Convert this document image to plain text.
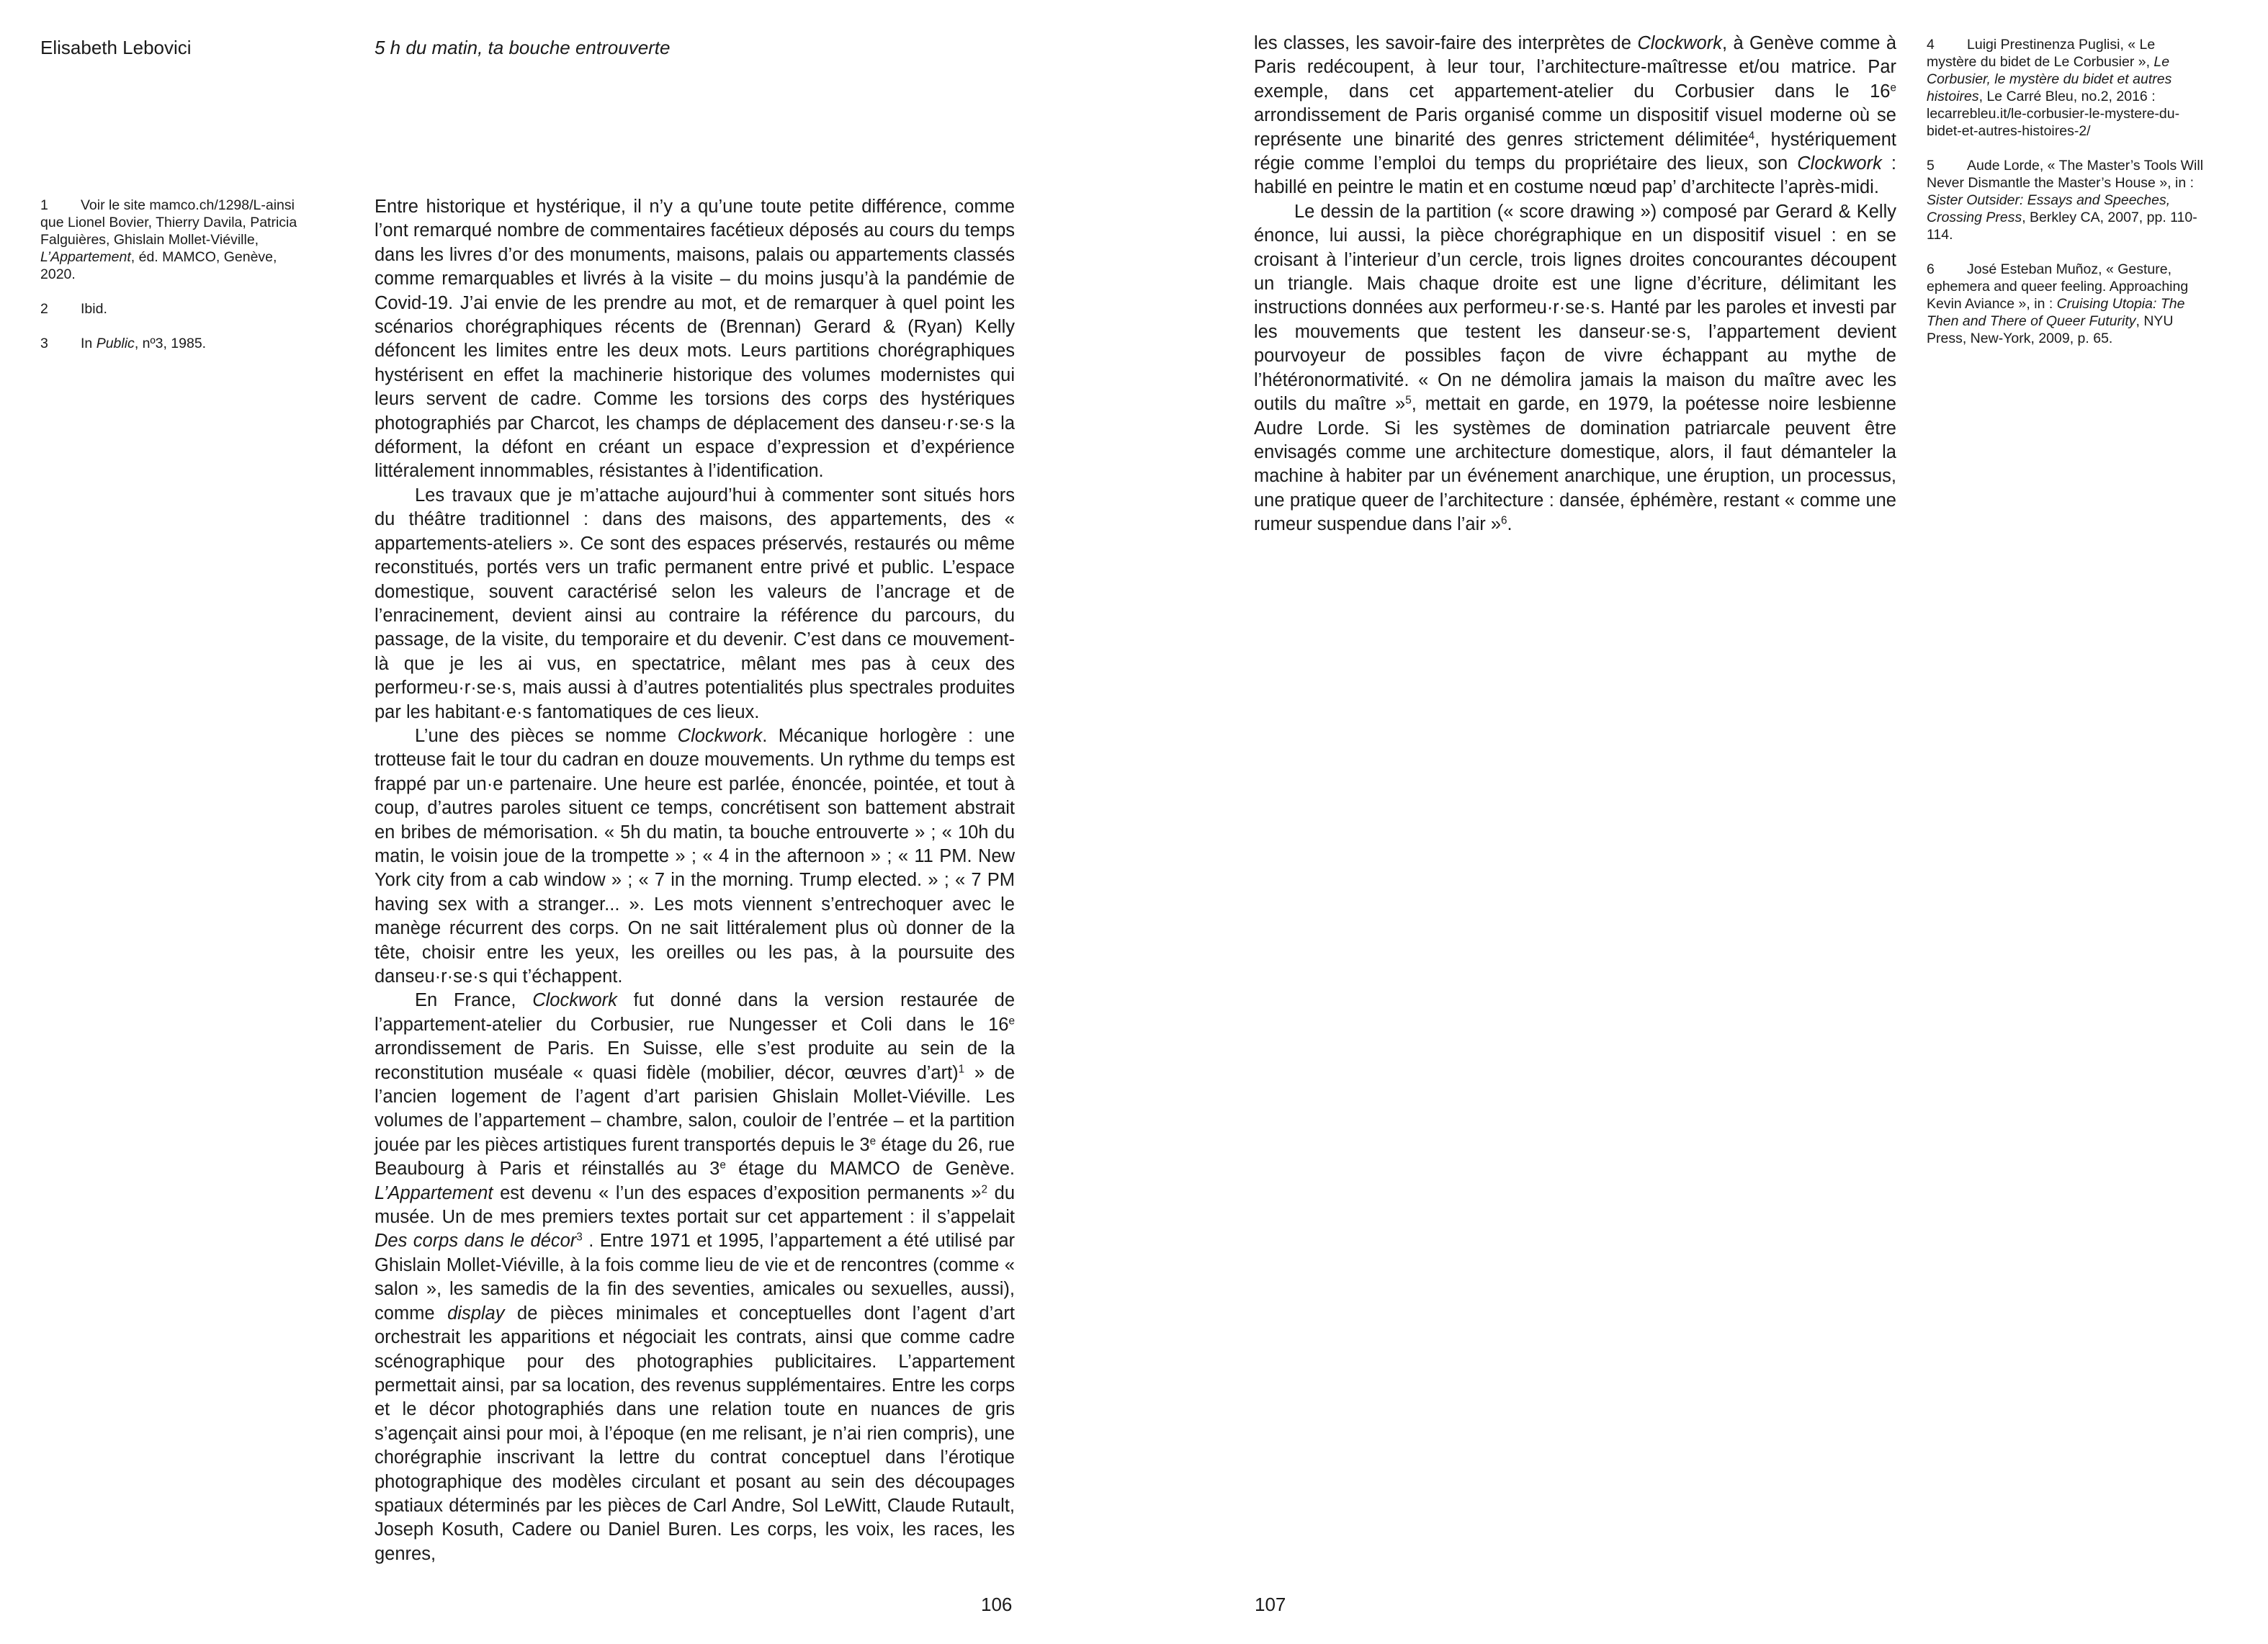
Elisabeth Lebovici	5 h du matin, ta bouche entrouverte
1 Voir le site mamco.ch/1298/L-ainsi que Lionel Bovier, Thierry Davila, Patricia Falguières, Ghislain Mollet-Viéville, L’Appartement, éd. MAMCO, Genève, 2020.
2 Ibid.
3 In Public, nº3, 1985.

Entre historique et hystérique, il n’y a qu’une toute petite différence, comme l’ont remarqué nombre de commentaires facétieux déposés au cours du temps dans les livres d’or des monuments, maisons, palais ou appartements classés comme remarquables et livrés à la visite – du moins jusqu’à la pandémie de Covid-19. J’ai envie de les prendre au mot, et de remarquer à quel point les scénarios chorégraphiques récents de (Brennan) Gerard & (Ryan) Kelly défoncent les limites entre les deux mots. Leurs partitions chorégraphiques hystérisent en effet la machinerie historique des volumes modernistes qui leurs servent de cadre. Comme les torsions des corps des hystériques photographiés par Charcot, les champs de déplacement des danseu·r·se·s la déforment, la défont en créant un espace d’expression et d’expérience littéralement innommables, résistantes à l’identification.

Les travaux que je m’attache aujourd’hui à commenter sont situés hors du théâtre traditionnel : dans des maisons, des appartements, des « appartements-ateliers ». Ce sont des espaces préservés, restaurés ou même reconstitués, portés vers un trafic permanent entre privé et public. L’espace domestique, souvent caractérisé selon les valeurs de l’ancrage et de l’enracinement, devient ainsi au contraire la référence du parcours, du passage, de la visite, du temporaire et du devenir. C’est dans ce mouvement-là que je les ai vus, en spectatrice, mêlant mes pas à ceux des performeu·r·se·s, mais aussi à d’autres potentialités plus spectrales produites par les habitant·e·s fantomatiques de ces lieux.

L’une des pièces se nomme Clockwork. Mécanique horlogère : une trotteuse fait le tour du cadran en douze mouvements. Un rythme du temps est frappé par un·e partenaire. Une heure est parlée, énoncée, pointée, et tout à coup, d’autres paroles situent ce temps, concrétisent son battement abstrait en bribes de mémorisation. « 5h du matin, ta bouche entrouverte » ; « 10h du matin, le voisin joue de la trompette » ; « 4 in the afternoon » ; « 11 PM. New York city from a cab window » ; « 7 in the morning. Trump elected. » ; « 7 PM having sex with a stranger... ». Les mots viennent s’entrechoquer avec le manège récurrent des corps. On ne sait littéralement plus où donner de la tête, choisir entre les yeux, les oreilles ou les pas, à la poursuite des danseu·r·se·s qui t’échappent.

En France, Clockwork fut donné dans la version restaurée de l’appartement-atelier du Corbusier, rue Nungesser et Coli dans le 16e arrondissement de Paris. En Suisse, elle s’est produite au sein de la reconstitution muséale « quasi fidèle (mobilier, décor, œuvres d’art)$^1$ » de l’ancien logement de l’agent d’art parisien Ghislain Mollet-Viéville. Les volumes de l’appartement – chambre, salon, couloir de l’entrée – et la partition jouée par les pièces artistiques furent transportés depuis le 3e étage du 26, rue Beaubourg à Paris et réinstallés au 3e étage du MAMCO de Genève. L’Appartement est devenu « l’un des espaces d’exposition permanents »$^2$ du musée. Un de mes premiers textes portait sur cet appartement : il s’appelait Des corps dans le décor$^3$ . Entre 1971 et 1995, l’appartement a été utilisé par Ghislain Mollet-Viéville, à la fois comme lieu de vie et de rencontres (comme « salon », les samedis de la fin des seventies, amicales ou sexuelles, aussi), comme display de pièces minimales et conceptuelles dont l’agent d’art orchestrait les apparitions et négociait les contrats, ainsi que comme cadre scénographique pour des photographies publicitaires. L’appartement permettait ainsi, par sa location, des revenus supplémentaires. Entre les corps et le décor photographiés dans une relation toute en nuances de gris s’agençait ainsi pour moi, à l’époque (en me relisant, je n’ai rien compris), une chorégraphie inscrivant la lettre du contrat conceptuel dans l’érotique photographique des modèles circulant et posant au sein des découpages spatiaux déterminés par les pièces de Carl Andre, Sol LeWitt, Claude Rutault, Joseph Kosuth, Cadere ou Daniel Buren. Les corps, les voix, les races, les genres,

106

les classes, les savoir-faire des interprètes de Clockwork, à Genève comme à Paris redécoupent, à leur tour, l’architecture-maîtresse et/ou matrice. Par exemple, dans cet appartement-atelier du Corbusier dans le 16e arrondissement de Paris organisé comme un dispositif visuel moderne où se représente une binarité des genres strictement délimitée$^4$, hystériquement régie comme l’emploi du temps du propriétaire des lieux, son Clockwork : habillé en peintre le matin et en costume nœud pap’ d’architecte l’après-midi.

Le dessin de la partition (« score drawing ») composé par Gerard & Kelly énonce, lui aussi, la pièce chorégraphique en un dispositif visuel : en se croisant à l’interieur d’un cercle, trois lignes droites concourantes découpent un triangle. Mais chaque droite est une ligne d’écriture, délimitant les instructions données aux performeu·r·se·s. Hanté par les paroles et investi par les mouvements que testent les danseur·se·s, l’appartement devient pourvoyeur de possibles façon de vivre échappant au mythe de l’hétéronormativité. « On ne démolira jamais la maison du maître avec les outils du maître »$^5$, mettait en garde, en 1979, la poétesse noire lesbienne Audre Lorde. Si les systèmes de domination patriarcale peuvent être envisagés comme une architecture domestique, alors, il faut démanteler la machine à habiter par un événement anarchique, une éruption, un processus, une pratique queer de l’architecture : dansée, éphémère, restant « comme une rumeur suspendue dans l’air »$^6$.

4 Luigi Prestinenza Puglisi, « Le mystère du bidet de Le Corbusier », Le Corbusier, le mystère du bidet et autres histoires, Le Carré Bleu, no.2, 2016 : lecarrebleu.it/le-corbusier-le-mystere-du-bidet-et-autres-histoires-2/
5 Aude Lorde, « The Master’s Tools Will Never Dismantle the Master’s House », in : Sister Outsider: Essays and Speeches, Crossing Press, Berkley CA, 2007, pp. 110-114.
6 José Esteban Muñoz, « Gesture, ephemera and queer feeling. Approaching Kevin Aviance », in : Cruising Utopia: The Then and There of Queer Futurity, NYU Press, New-York, 2009, p. 65.
107
